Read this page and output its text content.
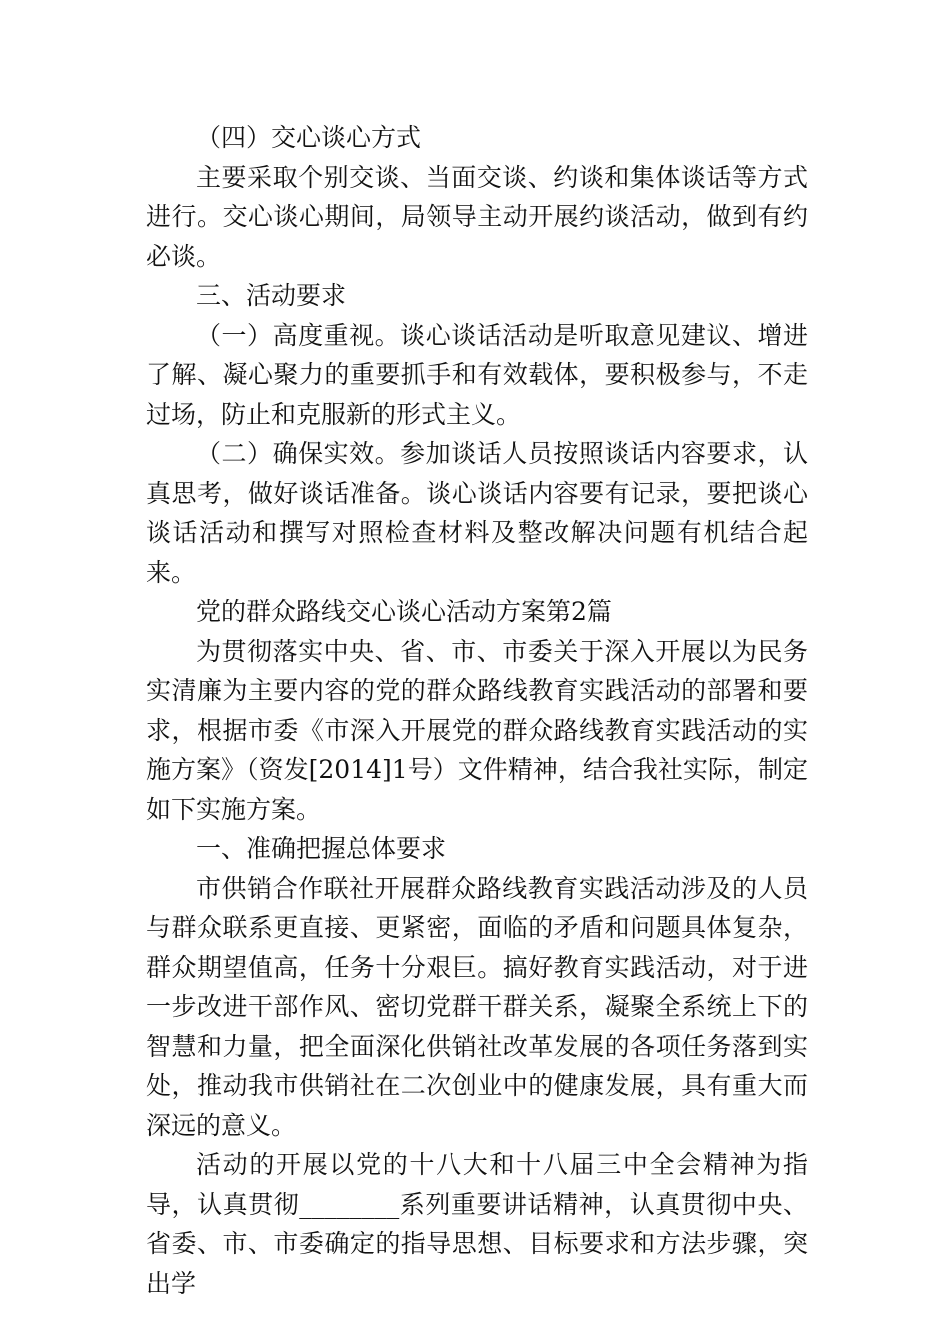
（四）交心谈心方式

主要采取个别交谈、当面交谈、约谈和集体谈话等方式进行。交心谈心期间，局领导主动开展约谈活动，做到有约必谈。

三、活动要求

（一）高度重视。谈心谈话活动是听取意见建议、增进了解、凝心聚力的重要抓手和有效载体，要积极参与，不走过场，防止和克服新的形式主义。

（二）确保实效。参加谈话人员按照谈话内容要求，认真思考，做好谈话准备。谈心谈话内容要有记录，要把谈心谈话活动和撰写对照检查材料及整改解决问题有机结合起来。

党的群众路线交心谈心活动方案第2篇

为贯彻落实中央、省、市、市委关于深入开展以为民务实清廉为主要内容的党的群众路线教育实践活动的部署和要求，根据市委《市深入开展党的群众路线教育实践活动的实施方案》（资发[2014]1号）文件精神，结合我社实际，制定如下实施方案。

一、准确把握总体要求

市供销合作联社开展群众路线教育实践活动涉及的人员与群众联系更直接、更紧密，面临的矛盾和问题具体复杂，群众期望值高，任务十分艰巨。搞好教育实践活动，对于进一步改进干部作风、密切党群干群关系，凝聚全系统上下的智慧和力量，把全面深化供销社改革发展的各项任务落到实处，推动我市供销社在二次创业中的健康发展，具有重大而深远的意义。

活动的开展以党的十八大和十八届三中全会精神为指导，认真贯彻________系列重要讲话精神，认真贯彻中央、省委、市、市委确定的指导思想、目标要求和方法步骤，突出学
